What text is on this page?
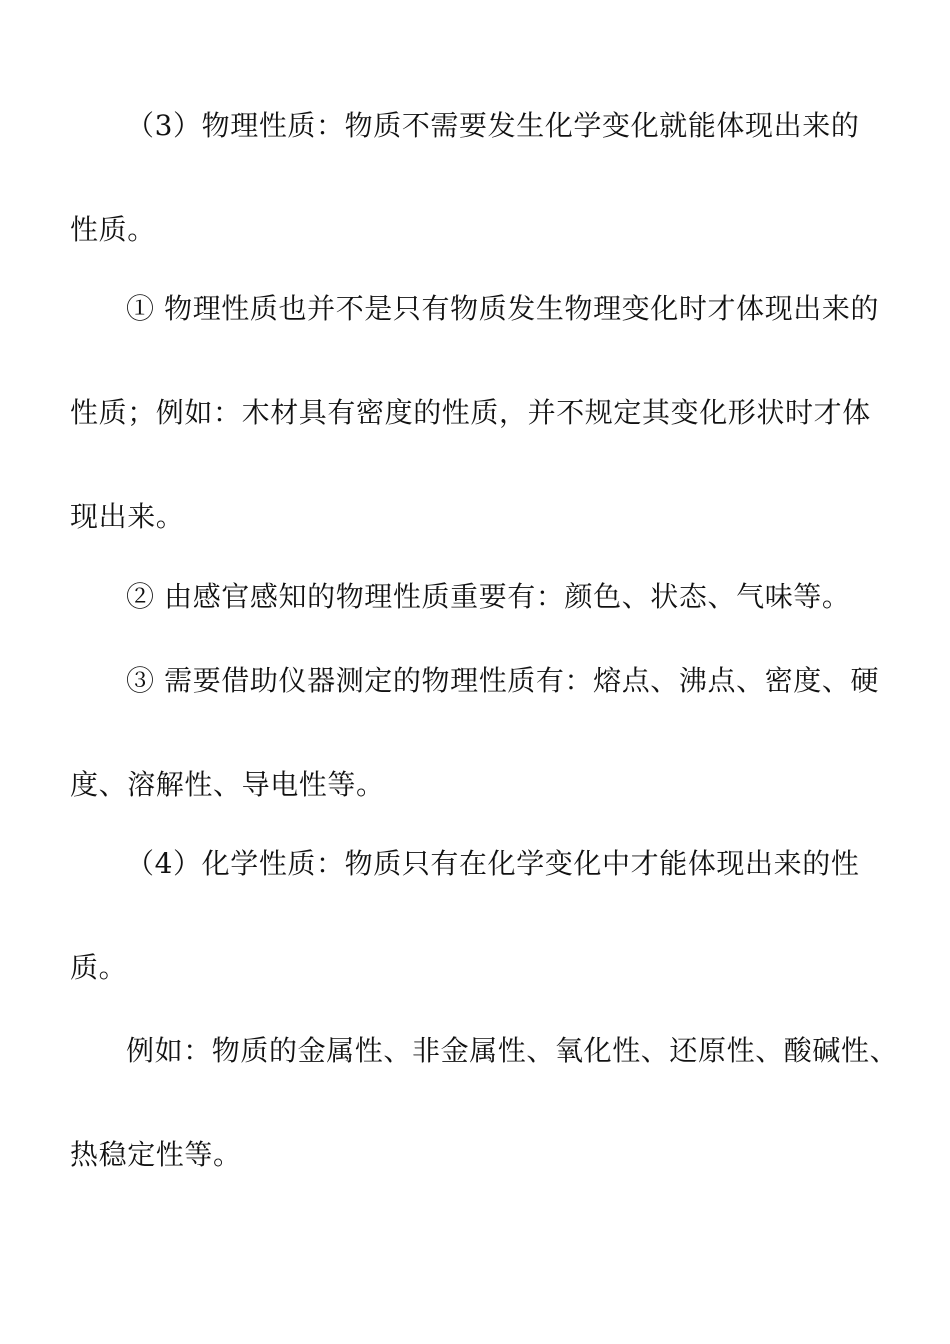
（3）物理性质：物质不需要发生化学变化就能体现出来的
性质。
① 物理性质也并不是只有物质发生物理变化时才体现出来的
性质；例如：木材具有密度的性质，并不规定其变化形状时才体
现出来。
② 由感官感知的物理性质重要有：颜色、状态、气味等。
③ 需要借助仪器测定的物理性质有：熔点、沸点、密度、硬
度、溶解性、导电性等。
（4）化学性质：物质只有在化学变化中才能体现出来的性
质。
例如：物质的金属性、非金属性、氧化性、还原性、酸碱性、
热稳定性等。
